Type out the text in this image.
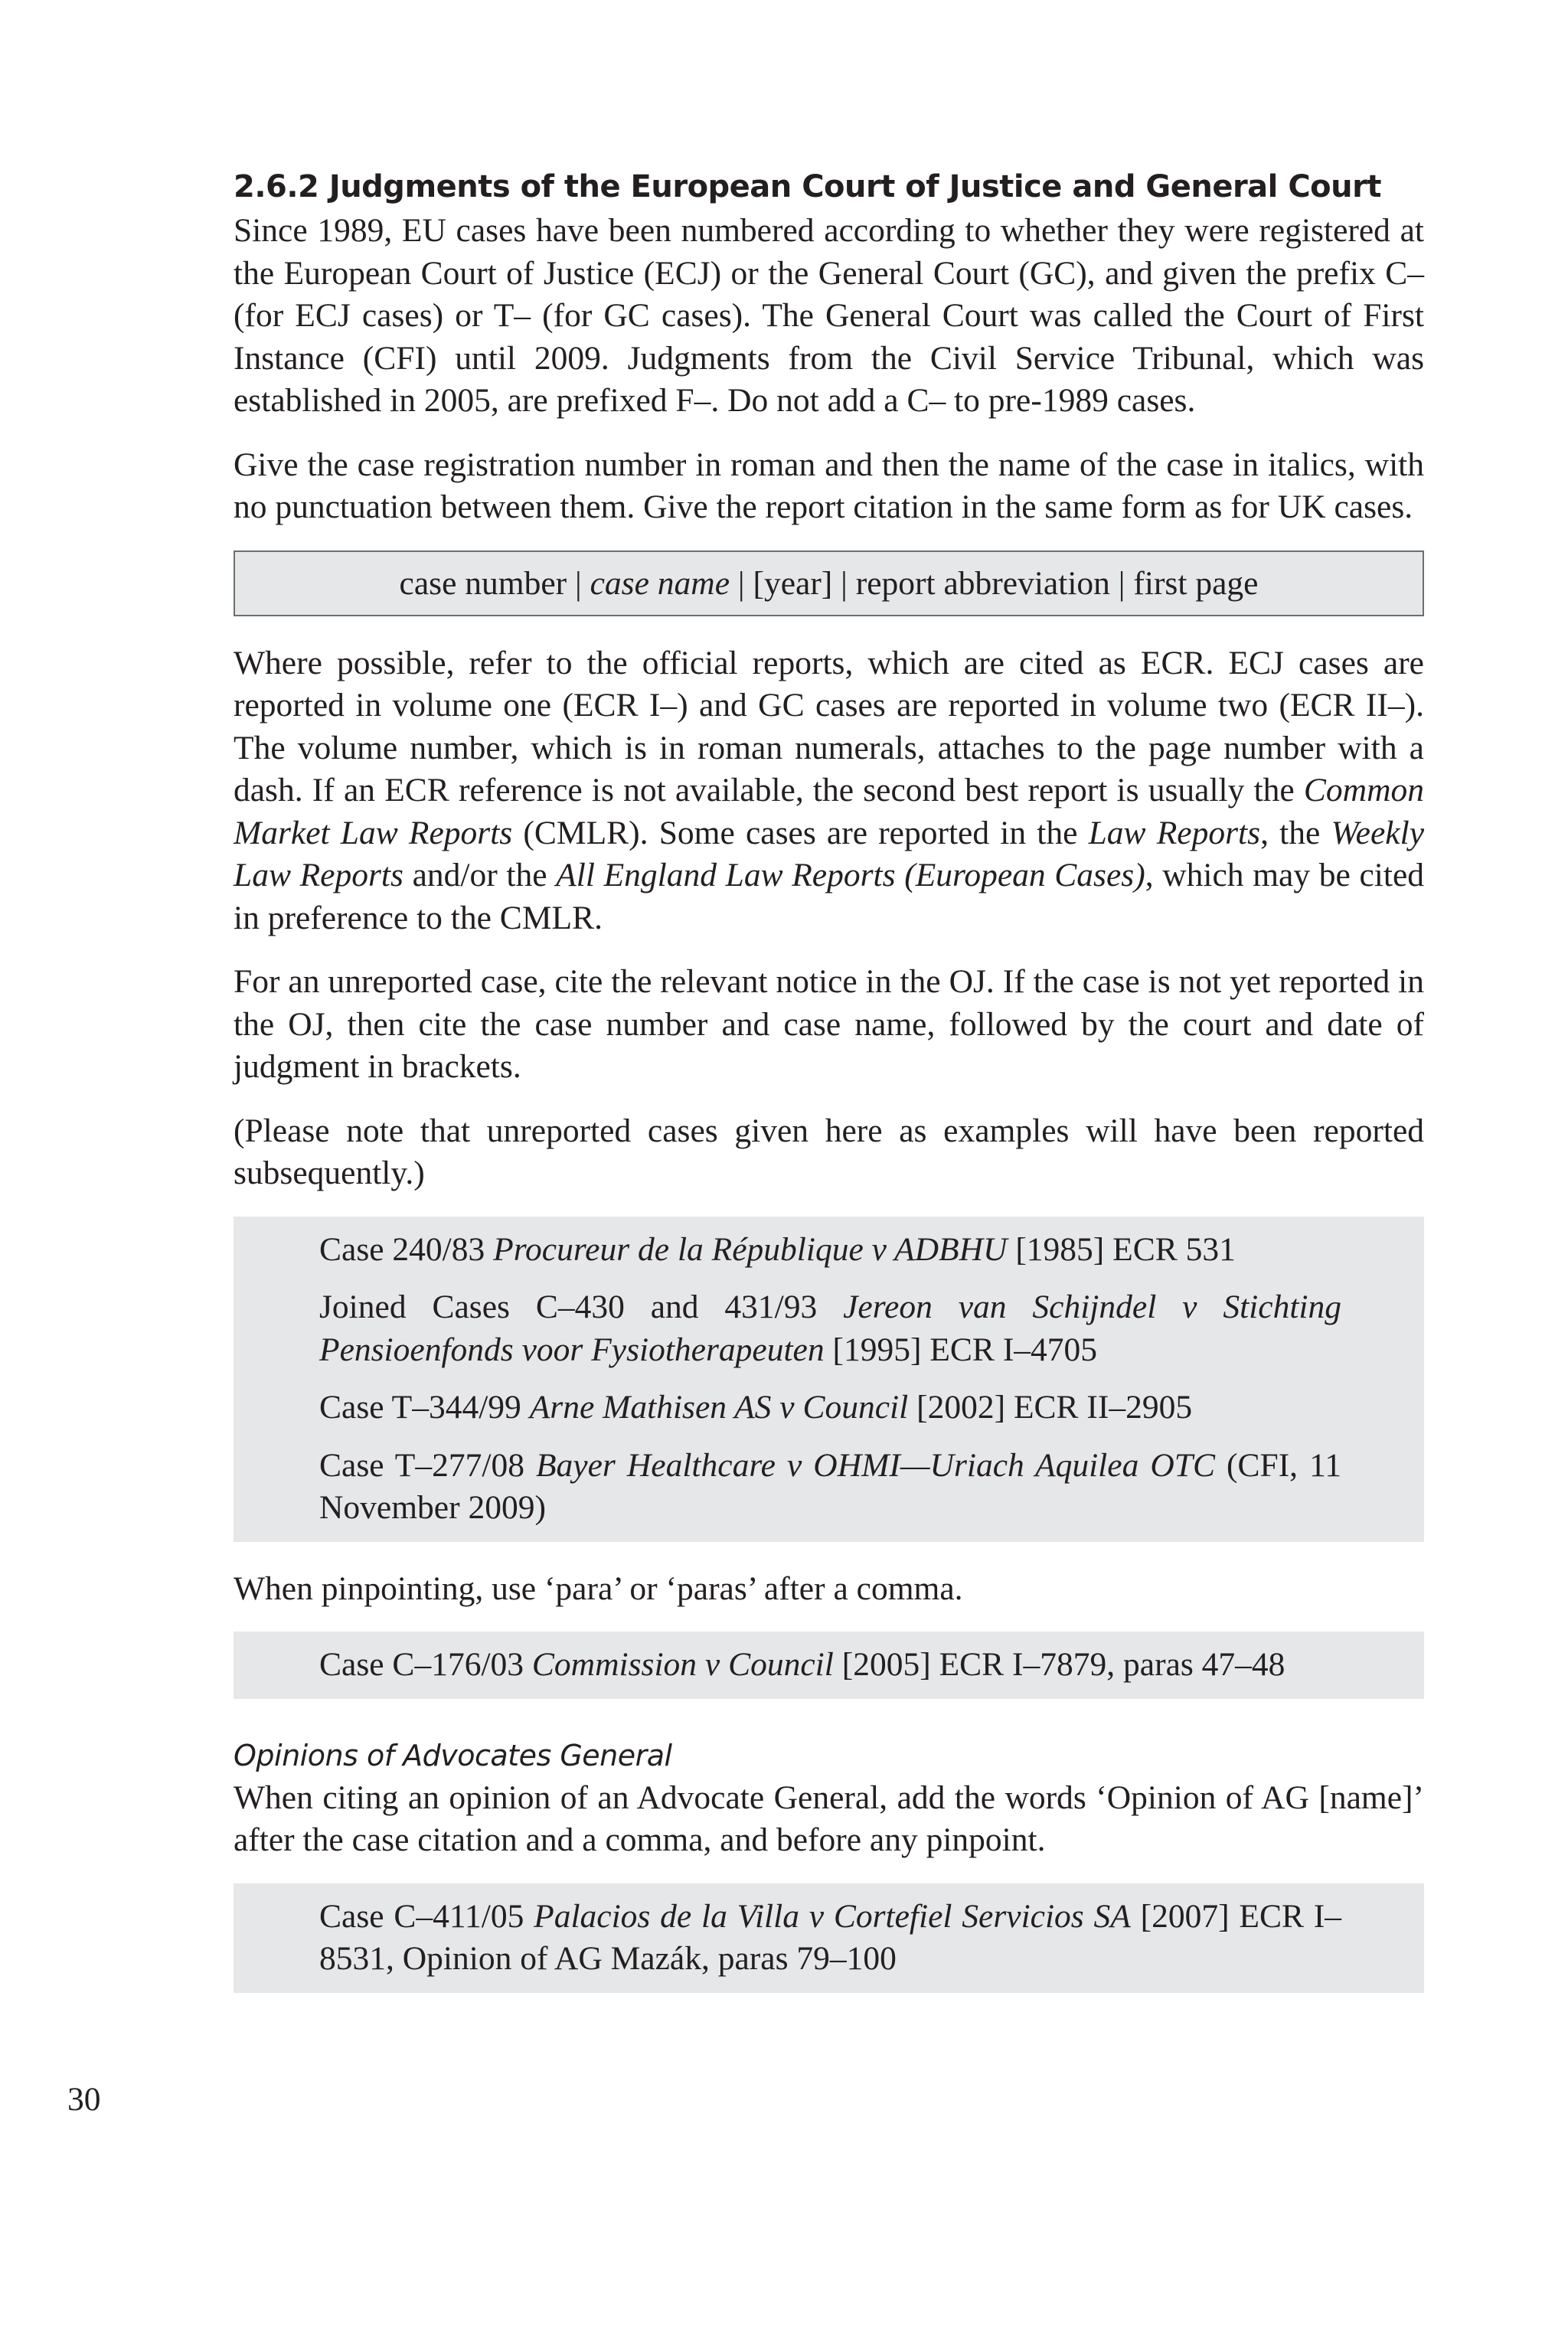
2.6.2 Judgments of the European Court of Justice and General Court

Since 1989, EU cases have been numbered according to whether they were registered at the European Court of Justice (ECJ) or the General Court (GC), and given the prefix C– (for ECJ cases) or T– (for GC cases). The General Court was called the Court of First Instance (CFI) until 2009. Judgments from the Civil Service Tribunal, which was established in 2005, are prefixed F–. Do not add a C– to pre-1989 cases.

Give the case registration number in roman and then the name of the case in italics, with no punctuation between them. Give the report citation in the same form as for UK cases.

case number | case name | [year] | report abbreviation | first page

Where possible, refer to the official reports, which are cited as ECR. ECJ cases are reported in volume one (ECR I–) and GC cases are reported in volume two (ECR II–). The volume number, which is in roman numerals, attaches to the page number with a dash. If an ECR reference is not available, the second best report is usually the Common Market Law Reports (CMLR). Some cases are reported in the Law Reports, the Weekly Law Reports and/or the All England Law Reports (European Cases), which may be cited in preference to the CMLR.

For an unreported case, cite the relevant notice in the OJ. If the case is not yet reported in the OJ, then cite the case number and case name, followed by the court and date of judgment in brackets.

(Please note that unreported cases given here as examples will have been reported subsequently.)

Case 240/83 Procureur de la République v ADBHU [1985] ECR 531
Joined Cases C–430 and 431/93 Jereon van Schijndel v Stichting Pensioenfonds voor Fysiotherapeuten [1995] ECR I–4705
Case T–344/99 Arne Mathisen AS v Council [2002] ECR II–2905
Case T–277/08 Bayer Healthcare v OHMI—Uriach Aquilea OTC (CFI, 11 November 2009)

When pinpointing, use ‘para’ or ‘paras’ after a comma.

Case C–176/03 Commission v Council [2005] ECR I–7879, paras 47–48
Opinions of Advocates General

When citing an opinion of an Advocate General, add the words ‘Opinion of AG [name]’ after the case citation and a comma, and before any pinpoint.

Case C–411/05 Palacios de la Villa v Cortefiel Servicios SA [2007] ECR I–8531, Opinion of AG Mazák, paras 79–100
30
